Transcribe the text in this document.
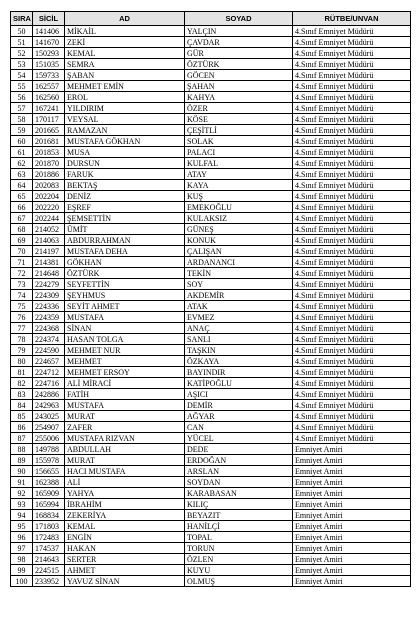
SIRA	SİCİL	AD	SOYAD	RÜTBE/UNVAN
50	141406	MİKAİL	YALÇIN	4.Sınıf Emniyet Müdürü
51	141670	ZEKİ	ÇAVDAR	4.Sınıf Emniyet Müdürü
52	150293	KEMAL	GÜR	4.Sınıf Emniyet Müdürü
53	151035	SEMRA	ÖZTÜRK	4.Sınıf Emniyet Müdürü
54	159733	ŞABAN	GÖCEN	4.Sınıf Emniyet Müdürü
55	162557	MEHMET EMİN	ŞAHAN	4.Sınıf Emniyet Müdürü
56	162560	EROL	KAHYA	4.Sınıf Emniyet Müdürü
57	167241	YILDIRIM	ÖZER	4.Sınıf Emniyet Müdürü
58	170117	VEYSAL	KÖSE	4.Sınıf Emniyet Müdürü
59	201665	RAMAZAN	ÇEŞİTLİ	4.Sınıf Emniyet Müdürü
60	201681	MUSTAFA GÖKHAN	SOLAK	4.Sınıf Emniyet Müdürü
61	201853	MUSA	PALACI	4.Sınıf Emniyet Müdürü
62	201870	DURSUN	KULFAL	4.Sınıf Emniyet Müdürü
63	201886	FARUK	ATAY	4.Sınıf Emniyet Müdürü
64	202083	BEKTAŞ	KAYA	4.Sınıf Emniyet Müdürü
65	202204	DENİZ	KUŞ	4.Sınıf Emniyet Müdürü
66	202220	EŞREF	EMEKOĞLU	4.Sınıf Emniyet Müdürü
67	202244	ŞEMSETTİN	KULAKSIZ	4.Sınıf Emniyet Müdürü
68	214052	ÜMİT	GÜNEŞ	4.Sınıf Emniyet Müdürü
69	214063	ABDURRAHMAN	KONUK	4.Sınıf Emniyet Müdürü
70	214197	MUSTAFA DEHA	ÇALIŞAN	4.Sınıf Emniyet Müdürü
71	214381	GÖKHAN	ARDANANCI	4.Sınıf Emniyet Müdürü
72	214648	ÖZTÜRK	TEKİN	4.Sınıf Emniyet Müdürü
73	224279	SEYFETTİN	SOY	4.Sınıf Emniyet Müdürü
74	224309	ŞEYHMUS	AKDEMİR	4.Sınıf Emniyet Müdürü
75	224336	SEYİT AHMET	ATAK	4.Sınıf Emniyet Müdürü
76	224359	MUSTAFA	EVMEZ	4.Sınıf Emniyet Müdürü
77	224368	SİNAN	ANAÇ	4.Sınıf Emniyet Müdürü
78	224374	HASAN TOLGA	SANLI	4.Sınıf Emniyet Müdürü
79	224590	MEHMET NUR	TAŞKIN	4.Sınıf Emniyet Müdürü
80	224657	MEHMET	ÖZKAYA	4.Sınıf Emniyet Müdürü
81	224712	MEHMET ERSOY	BAYINDIR	4.Sınıf Emniyet Müdürü
82	224716	ALİ MİRACİ	KATİPOĞLU	4.Sınıf Emniyet Müdürü
83	242886	FATİH	AŞICI	4.Sınıf Emniyet Müdürü
84	242963	MUSTAFA	DEMİR	4.Sınıf Emniyet Müdürü
85	243025	MURAT	AĞYAR	4.Sınıf Emniyet Müdürü
86	254907	ZAFER	CAN	4.Sınıf Emniyet Müdürü
87	255006	MUSTAFA RIZVAN	YÜCEL	4.Sınıf Emniyet Müdürü
88	149788	ABDULLAH	DEDE	Emniyet Amiri
89	155978	MURAT	ERDOĞAN	Emniyet Amiri
90	156655	HACI MUSTAFA	ARSLAN	Emniyet Amiri
91	162388	ALİ	SOYDAN	Emniyet Amiri
92	165909	YAHYA	KARABASAN	Emniyet Amiri
93	165994	İBRAHİM	KILIÇ	Emniyet Amiri
94	168834	ZEKERİYA	BEYAZIT	Emniyet Amiri
95	171803	KEMAL	HANİLÇİ	Emniyet Amiri
96	172483	ENGİN	TOPAL	Emniyet Amiri
97	174537	HAKAN	TORUN	Emniyet Amiri
98	214643	SERTER	ÖZLEN	Emniyet Amiri
99	224515	AHMET	KUYU	Emniyet Amiri
100	233952	YAVUZ SİNAN	OLMUŞ	Emniyet Amiri
